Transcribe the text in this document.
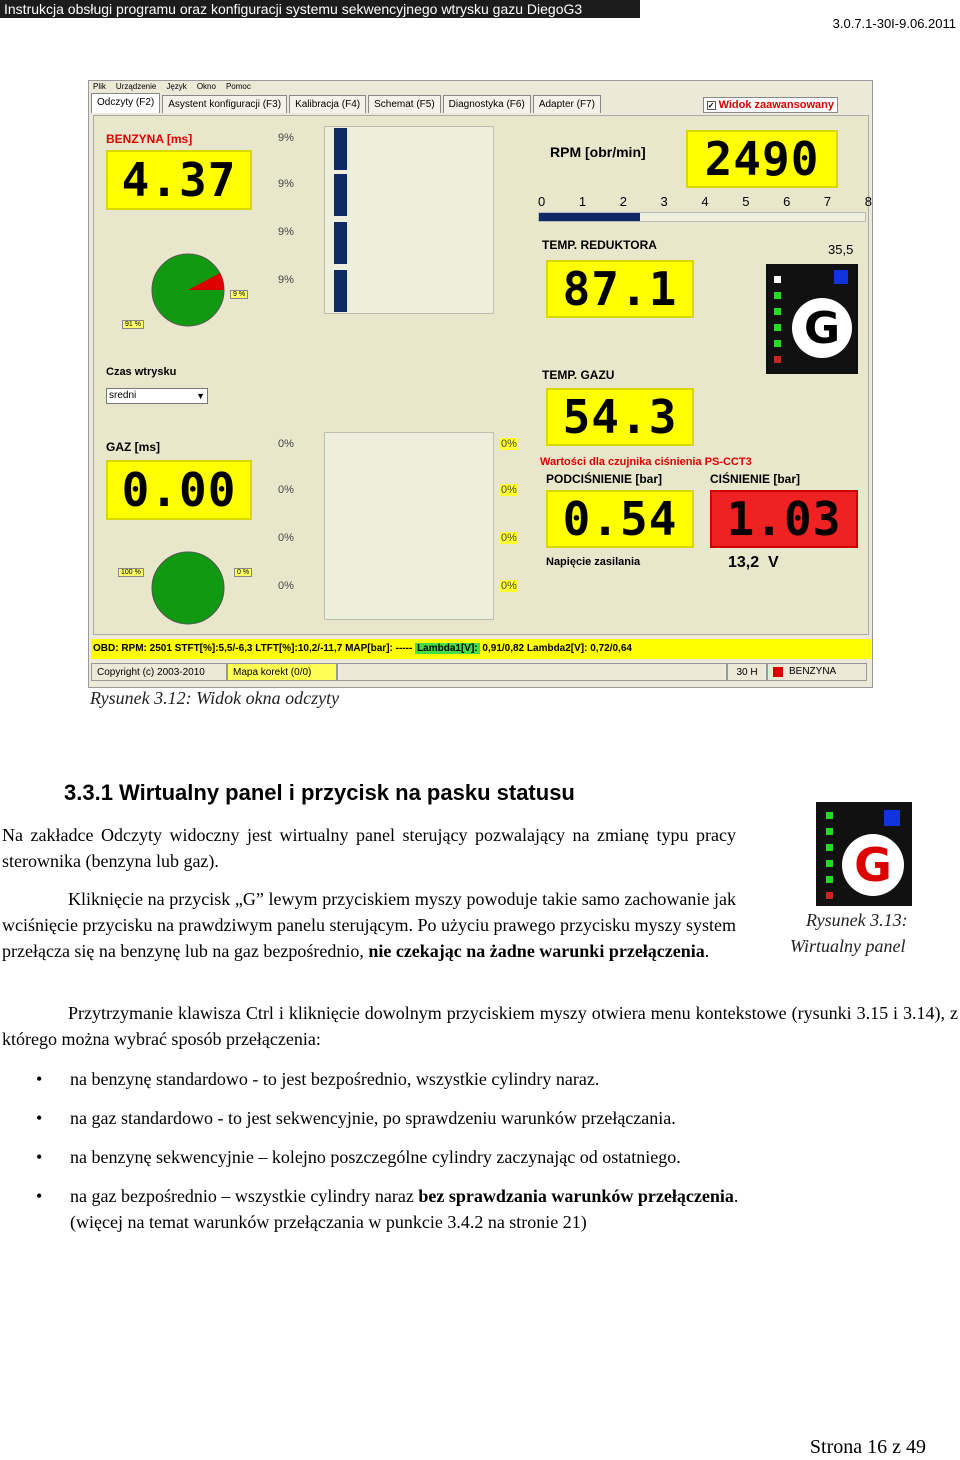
Instrukcja obsługi programu oraz konfiguracji systemu sekwencyjnego wtrysku gazu DiegoG3
3.0.7.1-30I-9.06.2011
Plik Urządzenie Język Okno Pomoc
Odczyty (F2)	Asystent konfiguracji (F3)	Kalibracja (F4)	Schemat (F5)	Diagnostyka (F6)	Adapter (F7)	✓ Widok zaawansowany
BENZYNA [ms]
4.37
9%
9%
9%
9%
9 %
91 %
Czas wtrysku
sredni	▼
GAZ [ms]
0.00
0%
0%
0%
0%
0%
0%
0%
0%
100 %	0 %
RPM [obr/min]	2490
0	1	2	3	4	5	6	7	8
TEMP. REDUKTORA	35,5
87.1
G
TEMP. GAZU
54.3
Wartości dla czujnika ciśnienia PS-CCT3
PODCIŚNIENIE [bar]	CIŚNIENIE [bar]
0.54	1.03
Napięcie zasilania	13,2  V
OBD: RPM: 2501 STFT[%]:5,5/-6,3 LTFT[%]:10,2/-11,7 MAP[bar]: ----- Lambda1[V]: 0,91/0,82 Lambda2[V]: 0,72/0,64
Copyright (c) 2003-2010	Mapa korekt (0/0)	30 H	BENZYNA
Rysunek 3.12: Widok okna odczyty
3.3.1 Wirtualny panel i przycisk na pasku statusu
Na zakładce Odczyty widoczny jest wirtualny panel sterujący pozwalający na zmianę typu pracy sterownika (benzyna lub gaz).
Kliknięcie na przycisk „G” lewym przyciskiem myszy powoduje takie samo zachowanie jak wciśnięcie przycisku na prawdziwym panelu sterującym. Po użyciu prawego przycisku myszy system przełącza się na benzynę lub na gaz bezpośrednio, nie czekając na żadne warunki przełączenia.
G
Rysunek 3.13:
Wirtualny panel
Przytrzymanie klawisza Ctrl i kliknięcie dowolnym przyciskiem myszy otwiera menu kontekstowe (rysunki 3.15 i 3.14), z którego można wybrać sposób przełączenia:
• na benzynę standardowo - to jest bezpośrednio, wszystkie cylindry naraz.
• na gaz standardowo - to jest sekwencyjnie, po sprawdzeniu warunków przełączania.
• na benzynę sekwencyjnie – kolejno poszczególne cylindry zaczynając od ostatniego.
• na gaz bezpośrednio – wszystkie cylindry naraz bez sprawdzania warunków przełączenia.
(więcej na temat warunków przełączania w punkcie 3.4.2 na stronie 21)
Strona 16 z 49
